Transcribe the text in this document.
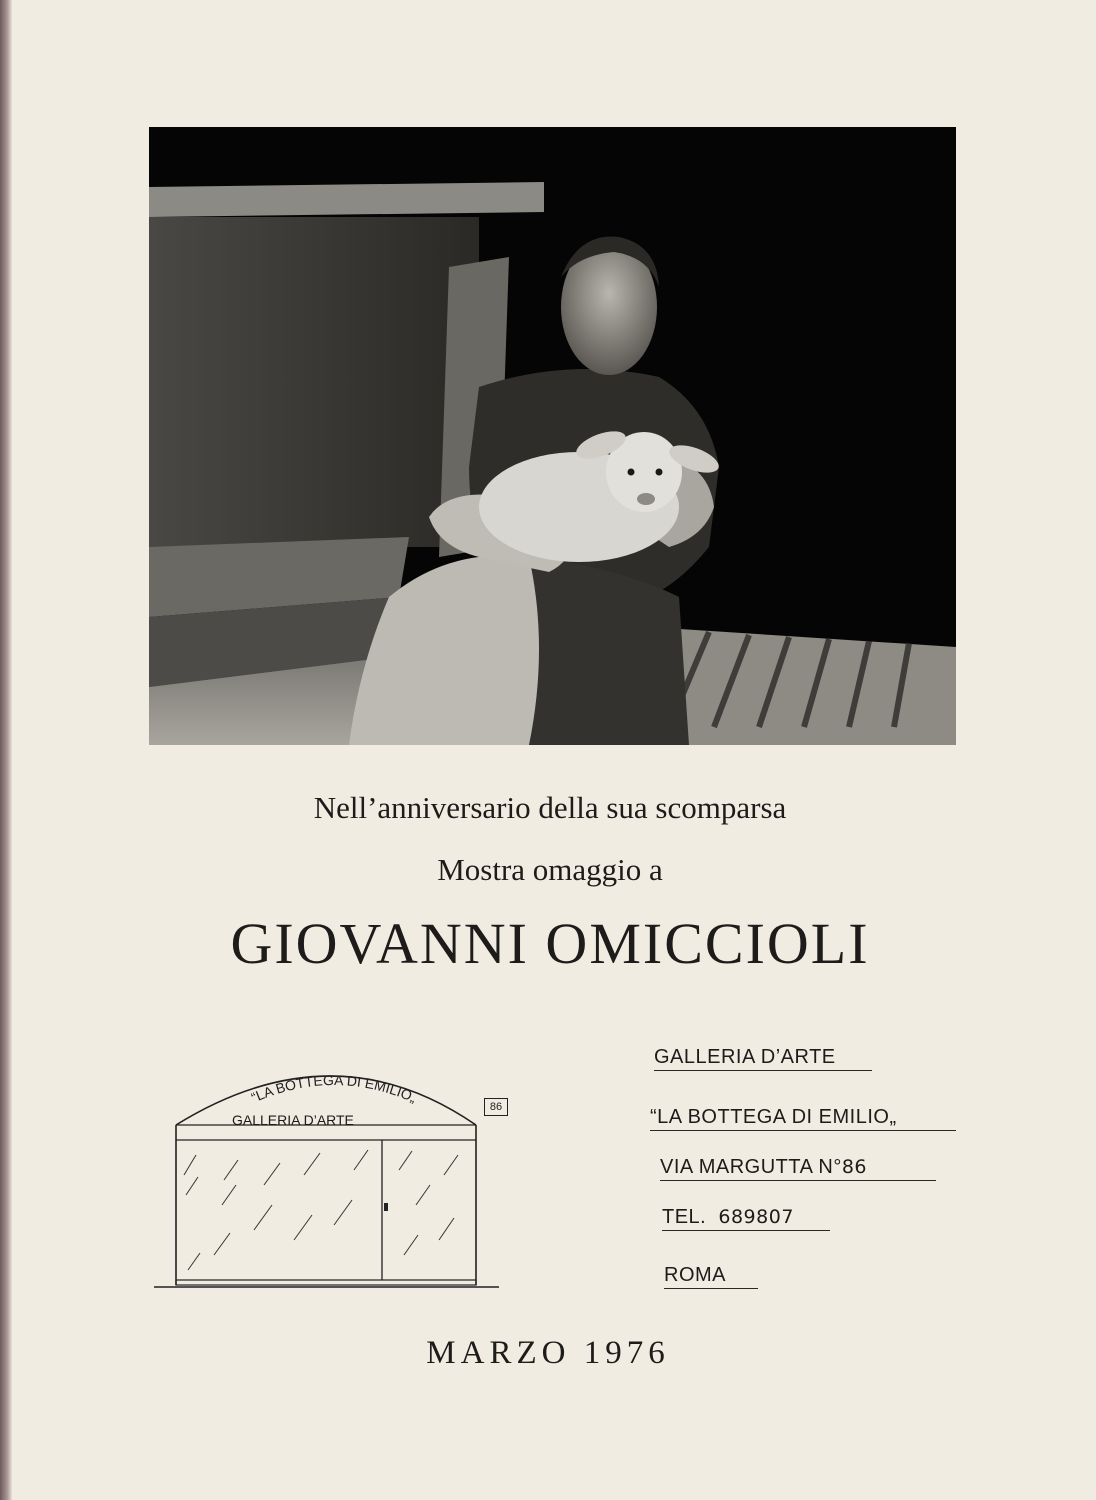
Nell’anniversario della sua scomparsa
Mostra omaggio a
GIOVANNI OMICCIOLI
“LA BOTTEGA DI EMILIO„
GALLERIA D’ARTE
86
GALLERIA D’ARTE
“LA BOTTEGA DI EMILIO„
VIA MARGUTTA N°86
TEL. 689807
ROMA
MARZO 1976
